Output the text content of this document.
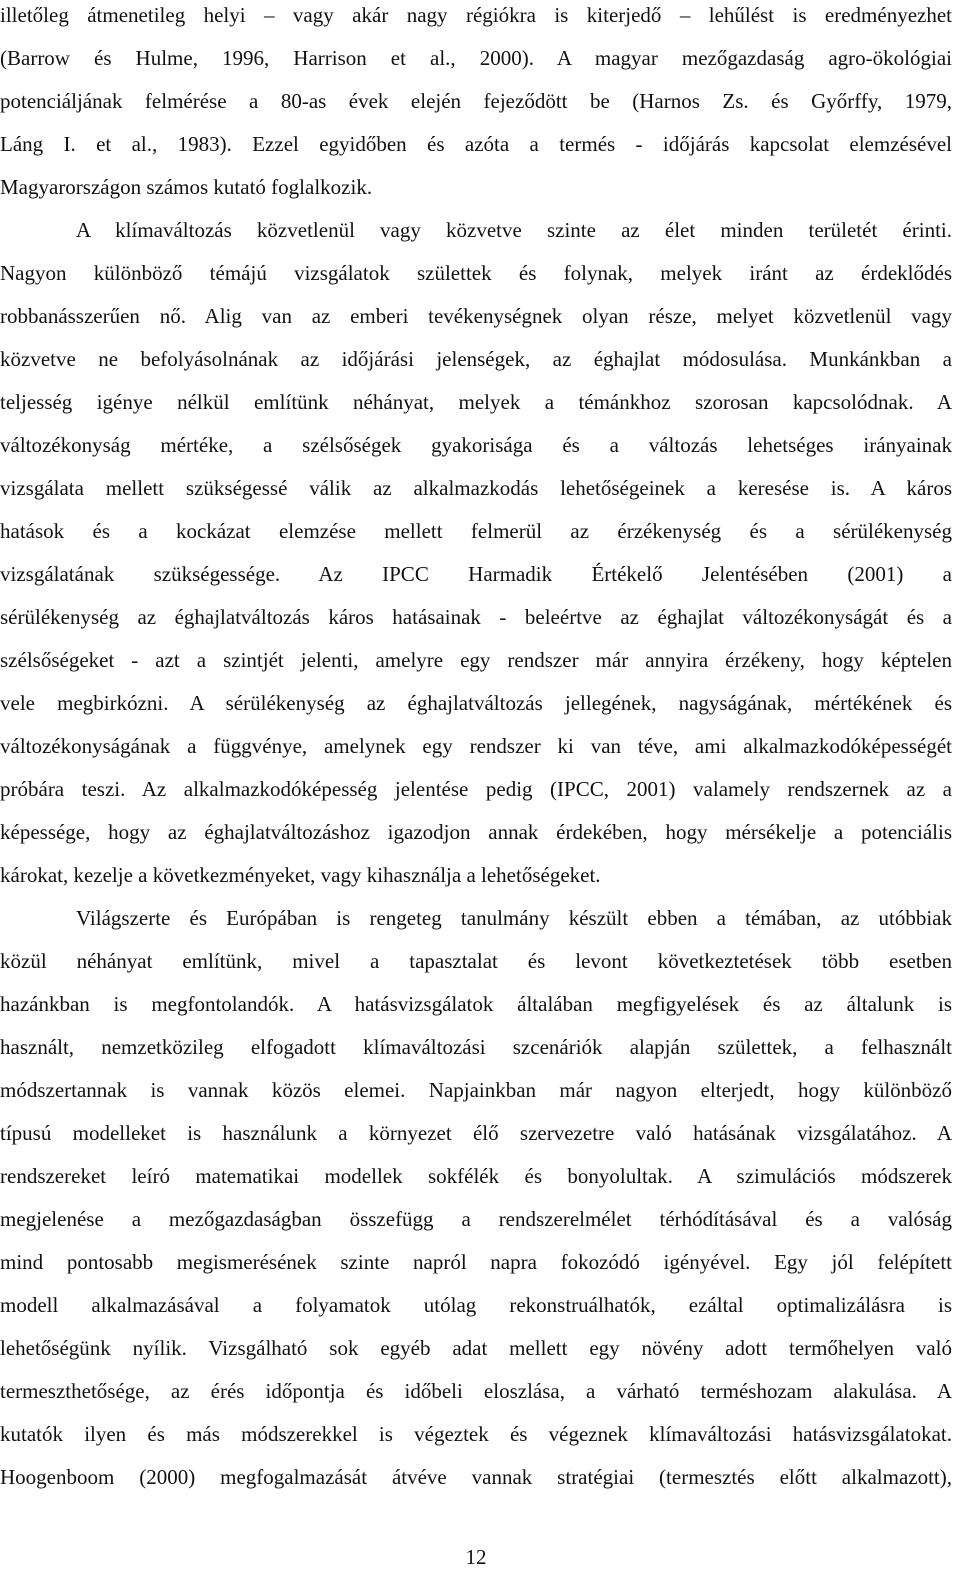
illetőleg átmenetileg helyi – vagy akár nagy régiókra is kiterjedő – lehűlést is eredményezhet
(Barrow és Hulme, 1996, Harrison et al., 2000). A magyar mezőgazdaság agro-ökológiai
potenciáljának felmérése a 80-as évek elején fejeződött be (Harnos Zs. és Győrffy, 1979,
Láng I. et al., 1983). Ezzel egyidőben és azóta a termés - időjárás kapcsolat elemzésével
Magyarországon számos kutató foglalkozik.
A klímaváltozás közvetlenül vagy közvetve szinte az élet minden területét érinti.
Nagyon különböző témájú vizsgálatok születtek és folynak, melyek iránt az érdeklődés
robbanásszerűen nő. Alig van az emberi tevékenységnek olyan része, melyet közvetlenül vagy
közvetve ne befolyásolnának az időjárási jelenségek, az éghajlat módosulása. Munkánkban a
teljesség igénye nélkül említünk néhányat, melyek a témánkhoz szorosan kapcsolódnak. A
változékonyság mértéke, a szélsőségek gyakorisága és a változás lehetséges irányainak
vizsgálata mellett szükségessé válik az alkalmazkodás lehetőségeinek a keresése is. A káros
hatások és a kockázat elemzése mellett felmerül az érzékenység és a sérülékenység
vizsgálatának szükségessége. Az IPCC Harmadik Értékelő Jelentésében (2001) a
sérülékenység az éghajlatváltozás káros hatásainak - beleértve az éghajlat változékonyságát és a
szélsőségeket - azt a szintjét jelenti, amelyre egy rendszer már annyira érzékeny, hogy képtelen
vele megbirkózni. A sérülékenység az éghajlatváltozás jellegének, nagyságának, mértékének és
változékonyságának a függvénye, amelynek egy rendszer ki van téve, ami alkalmazkodóképességét
próbára teszi. Az alkalmazkodóképesség jelentése pedig (IPCC, 2001) valamely rendszernek az a
képessége, hogy az éghajlatváltozáshoz igazodjon annak érdekében, hogy mérsékelje a potenciális
károkat, kezelje a következményeket, vagy kihasználja a lehetőségeket.
Világszerte és Európában is rengeteg tanulmány készült ebben a témában, az utóbbiak
közül néhányat említünk, mivel a tapasztalat és levont következtetések több esetben
hazánkban is megfontolandók. A hatásvizsgálatok általában megfigyelések és az általunk is
használt, nemzetközileg elfogadott klímaváltozási szcenáriók alapján születtek, a felhasznált
módszertannak is vannak közös elemei. Napjainkban már nagyon elterjedt, hogy különböző
típusú modelleket is használunk a környezet élő szervezetre való hatásának vizsgálatához. A
rendszereket leíró matematikai modellek sokfélék és bonyolultak. A szimulációs módszerek
megjelenése a mezőgazdaságban összefügg a rendszerelmélet térhódításával és a valóság
mind pontosabb megismerésének szinte napról napra fokozódó igényével. Egy jól felépített
modell alkalmazásával a folyamatok utólag rekonstruálhatók, ezáltal optimalizálásra is
lehetőségünk nyílik. Vizsgálható sok egyéb adat mellett egy növény adott termőhelyen való
termeszthetősége, az érés időpontja és időbeli eloszlása, a várható terméshozam alakulása. A
kutatók ilyen és más módszerekkel is végeztek és végeznek klímaváltozási hatásvizsgálatokat.
Hoogenboom (2000) megfogalmazását átvéve vannak stratégiai (termesztés előtt alkalmazott),
12
